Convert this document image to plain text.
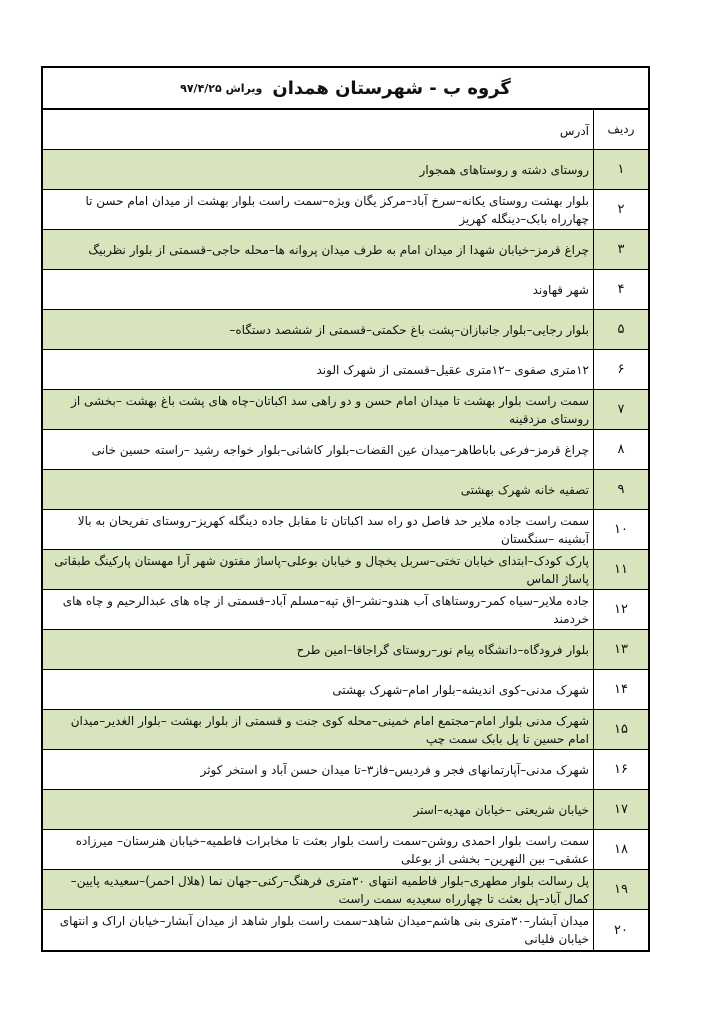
گروه ب - شهرستان همدان
ویراش ۹۷/۴/۲۵
ردیف
آدرس
۱
روستای دشته و روستاهای همجوار
۲
بلوار بهشت روستای یکانه–سرخ آباد–مرکز یگان ویژه–سمت راست بلوار بهشت از میدان امام حسن تا چهارراه بابک–دینگله کهریز
۳
چراغ قرمز–خیابان شهدا از میدان امام به طرف میدان پروانه ها–محله حاجی–قسمتی از بلوار نظربیگ
۴
شهر قهاوند
۵
بلوار رجایی–بلوار جانبازان–پشت باغ حکمتی–قسمتی از ششصد دستگاه–
۶
۱۲متری صفوی –۱۲متری عقیل–قسمتی از شهرک الوند
۷
سمت راست بلوار بهشت تا میدان امام حسن و دو راهی سد اکباتان–چاه های پشت باغ بهشت –بخشی از روستای مزدقینه
۸
چراغ قرمز–فرعی باباطاهر–میدان عین القضات–بلوار کاشانی–بلوار خواجه رشید –راسته حسین خانی
۹
تصفیه خانه شهرک بهشتی
۱۰
سمت راست جاده ملایر حد فاصل دو راه سد اکباتان تا مقابل جاده دینگله کهریز–روستای تفریحان به بالا آبشینه –سنگستان
۱۱
پارک کودک–ابتدای خیابان تختی–سربل یخچال و خیابان بوعلی–پاساژ مفتون شهر آرا مهستان پارکینگ طبقاتی پاساژ الماس
۱۲
جاده ملایر–سیاه کمر–روستاهای آب هندو–نشر–اق تپه–مسلم آباد–قسمتی از چاه های عبدالرحیم و چاه های خردمند
۱۳
بلوار فرودگاه–دانشگاه پیام نور–روستای گراجاقا–امین طرح
۱۴
شهرک مدنی–کوی اندیشه–بلوار امام–شهرک بهشتی
۱۵
شهرک مدنی بلوار امام–مجتمع امام خمینی–محله کوی جنت و قسمتی از بلوار بهشت –بلوار الغدیر–میدان امام حسین تا پل بابک سمت چپ
۱۶
شهرک مدنی–آپارتمانهای فجر و فردیس–فاز۳–تا میدان حسن آباد و استخر کوثر
۱۷
خیابان شریعتی –خیابان مهدیه–استر
۱۸
سمت راست بلوار احمدی روشن–سمت راست بلوار بعثت تا مخابرات فاطمیه–خیابان هنرستان– میرزاده عشقی– بین النهرین– بخشی از بوعلی
۱۹
پل رسالت بلوار مطهری–بلوار فاطمیه انتهای ۳۰متری فرهنگ–رکنی–جهان نما (هلال احمر)–سعیدیه پایین– کمال آباد–پل بعثت تا چهارراه سعیدیه سمت راست
۲۰
میدان آبشار–۳۰متری بنی هاشم–میدان شاهد–سمت راست بلوار شاهد از میدان آبشار–خیابان اراک و انتهای خیابان فلیانی
